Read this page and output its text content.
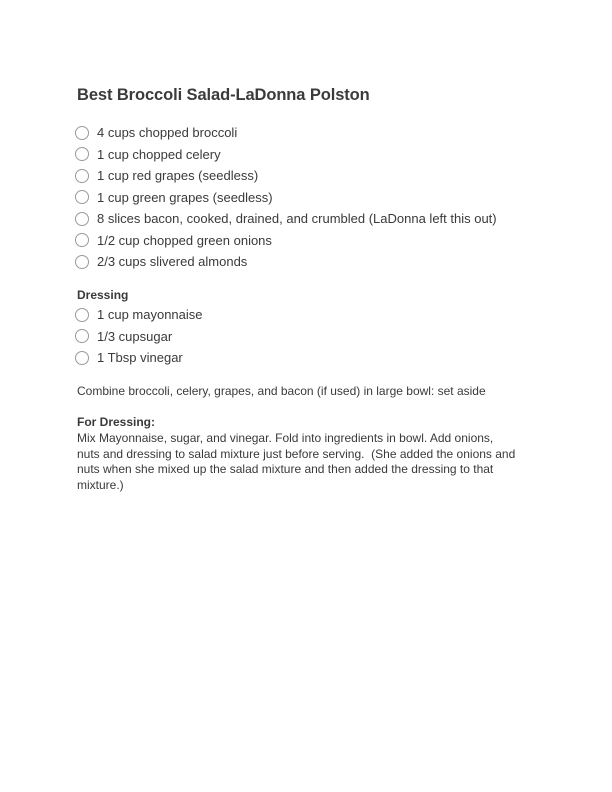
Best Broccoli Salad-LaDonna Polston
4 cups chopped broccoli
1 cup chopped celery
1 cup red grapes (seedless)
1 cup green grapes (seedless)
8 slices bacon, cooked, drained, and crumbled (LaDonna left this out)
1/2 cup chopped green onions
2/3 cups slivered almonds
Dressing
1 cup mayonnaise
1/3 cupsugar
1 Tbsp vinegar
Combine broccoli, celery, grapes, and bacon (if used) in large bowl: set aside
For Dressing:
Mix Mayonnaise, sugar, and vinegar. Fold into ingredients in bowl. Add onions,
nuts and dressing to salad mixture just before serving.  (She added the onions and
nuts when she mixed up the salad mixture and then added the dressing to that
mixture.)
